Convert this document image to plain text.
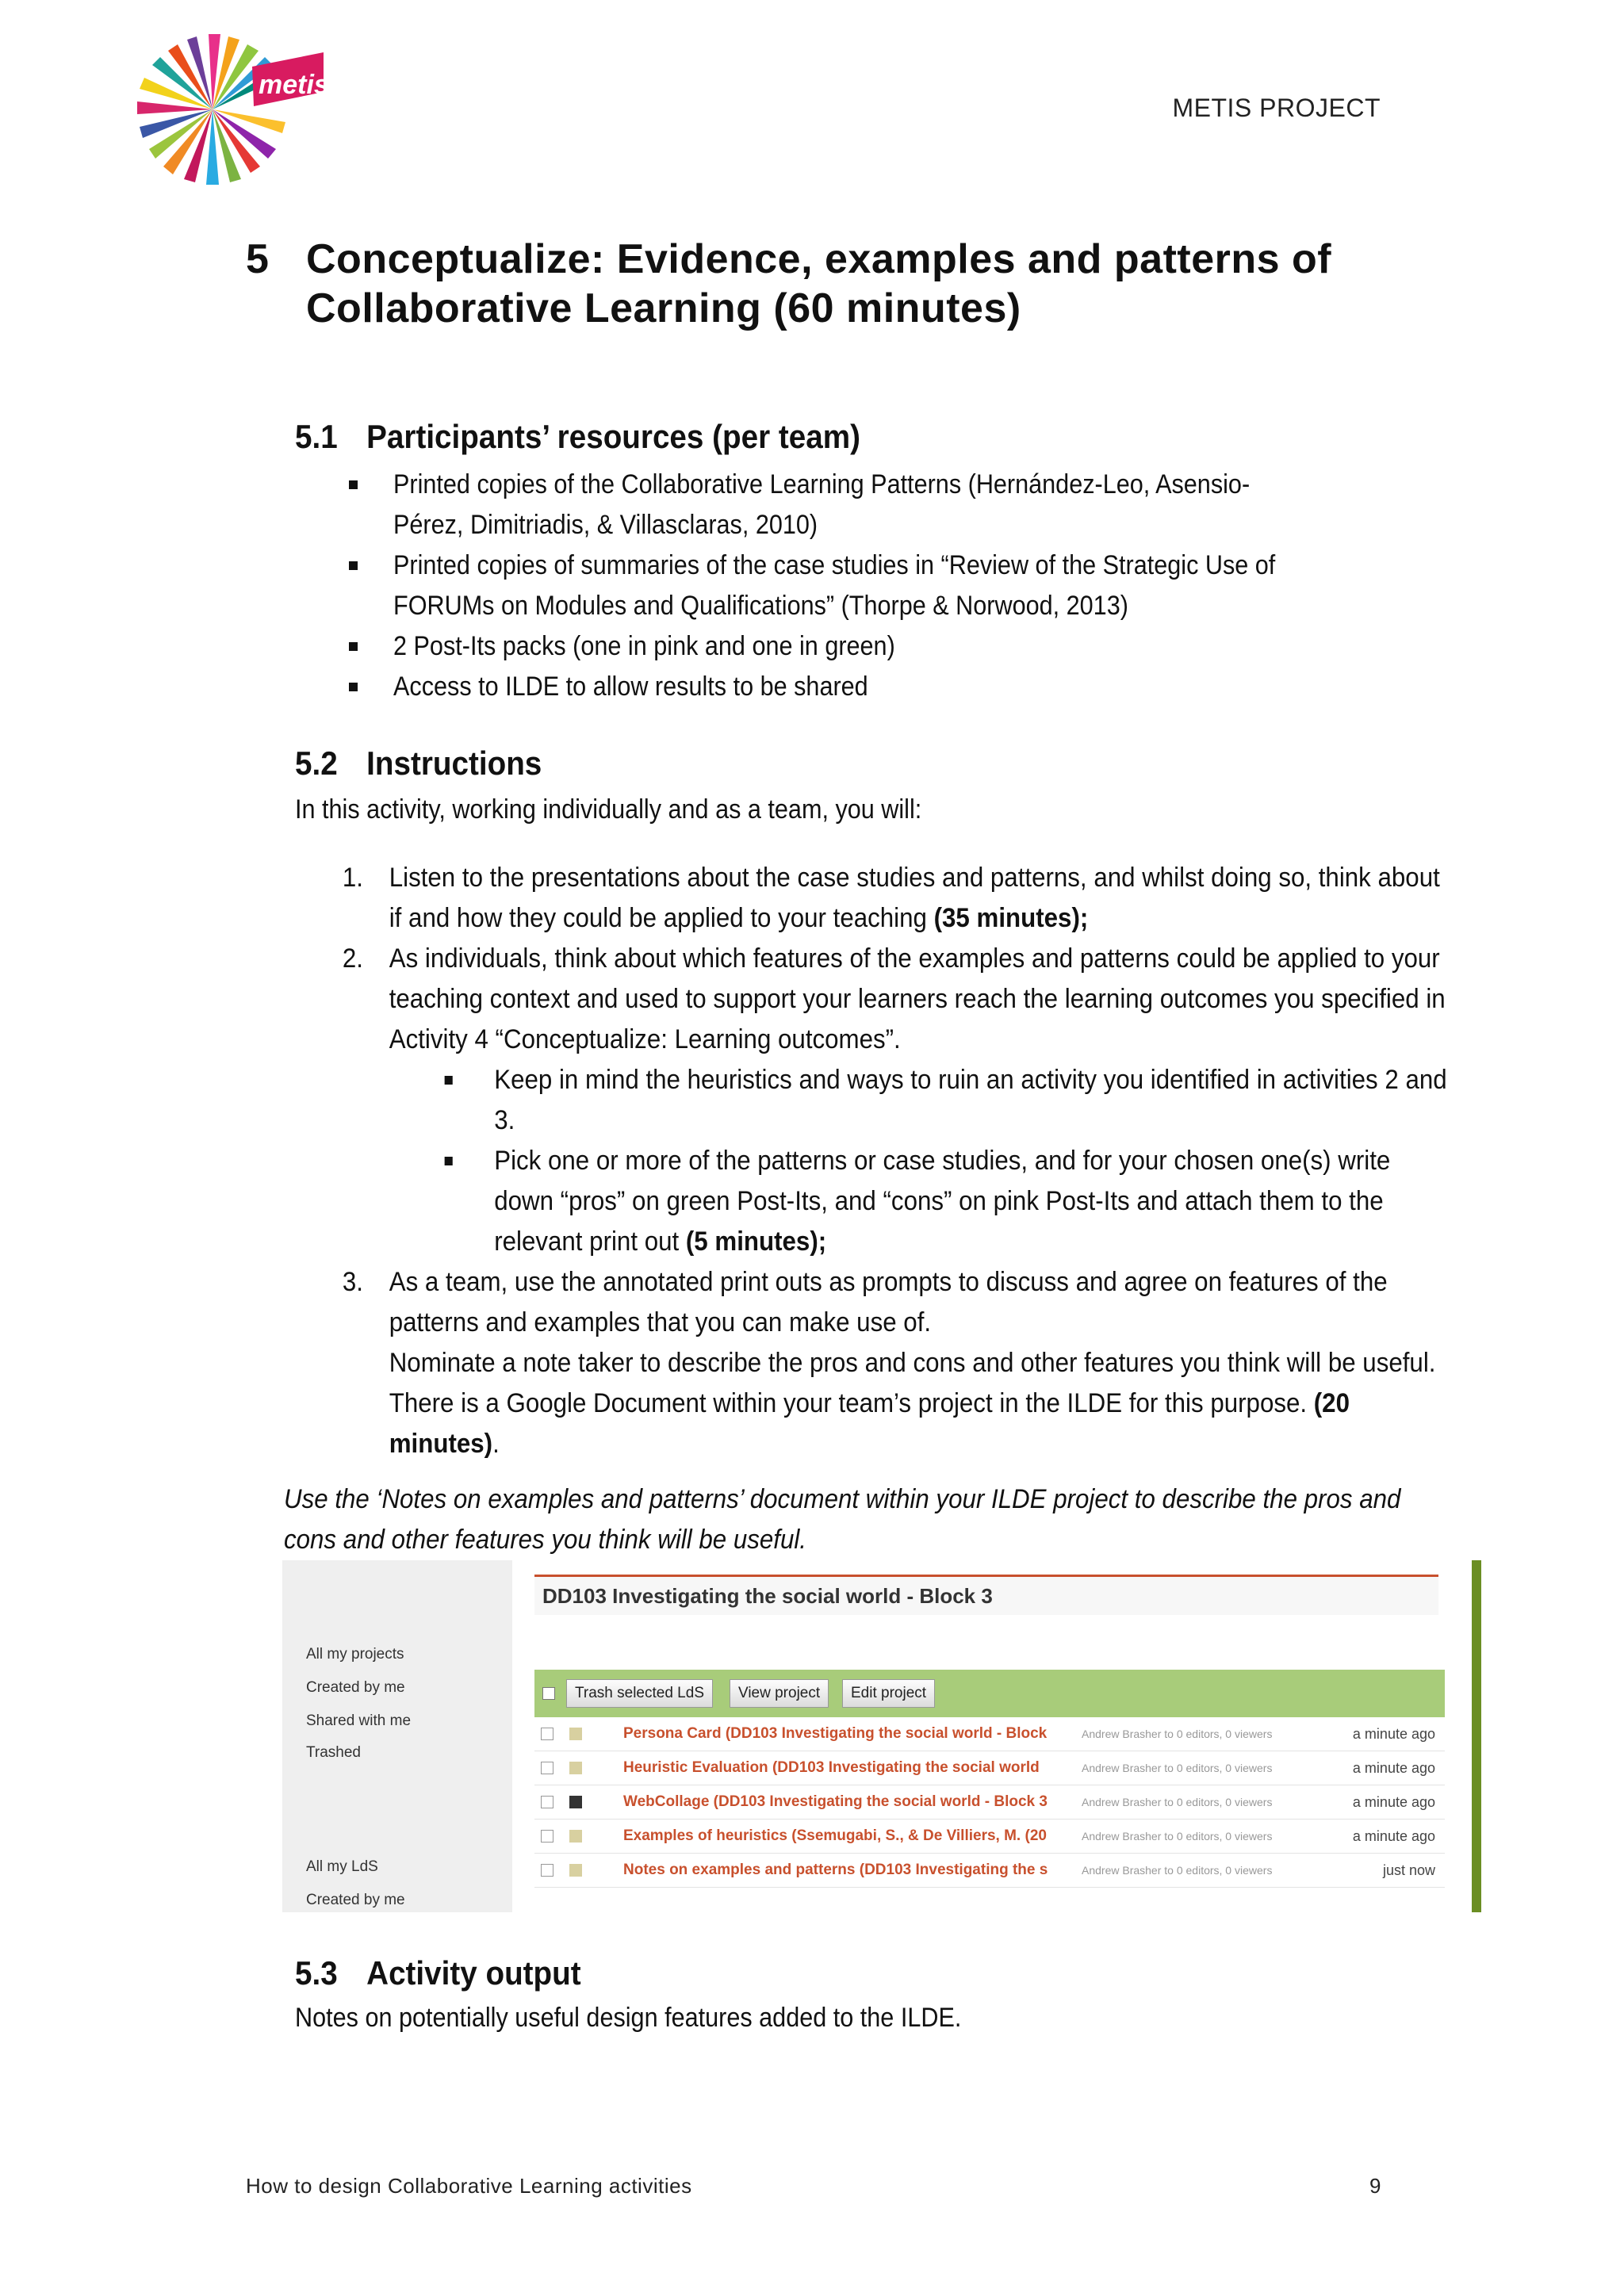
metis
METIS PROJECT
5 Conceptualize: Evidence, examples and patterns of Collaborative Learning (60 minutes)
5.1 Participants’ resources (per team)
Printed copies of the Collaborative Learning Patterns (Hernández-Leo, Asensio-Pérez, Dimitriadis, & Villasclaras, 2010)
Printed copies of summaries of the case studies in “Review of the Strategic Use of FORUMs on Modules and Qualifications” (Thorpe & Norwood, 2013)
2 Post-Its packs (one in pink and one in green)
Access to ILDE to allow results to be shared
5.2 Instructions
In this activity, working individually and as a team, you will:
1. Listen to the presentations about the case studies and patterns, and whilst doing so, think about if and how they could be applied to your teaching (35 minutes);
2. As individuals, think about which features of the examples and patterns could be applied to your teaching context and used to support your learners reach the learning outcomes you specified in Activity 4 “Conceptualize: Learning outcomes”.
Keep in mind the heuristics and ways to ruin an activity you identified in activities 2 and 3.
Pick one or more of the patterns or case studies, and for your chosen one(s) write down “pros” on green Post-Its, and “cons” on pink Post-Its and attach them to the relevant print out (5 minutes);
3. As a team, use the annotated print outs as prompts to discuss and agree on features of the patterns and examples that you can make use of.
Nominate a note taker to describe the pros and cons and other features you think will be useful. There is a Google Document within your team’s project in the ILDE for this purpose. (20 minutes).
Use the ‘Notes on examples and patterns’ document within your ILDE project to describe the pros and cons and other features you think will be useful.
All my projects
Created by me
Shared with me
Trashed
All my LdS
Created by me
DD103 Investigating the social world - Block 3
Trash selected LdS	View project	Edit project
Persona Card (DD103 Investigating the social world - Block	Andrew Brasher to 0 editors, 0 viewers	a minute ago
Heuristic Evaluation (DD103 Investigating the social world	Andrew Brasher to 0 editors, 0 viewers	a minute ago
WebCollage (DD103 Investigating the social world - Block 3	Andrew Brasher to 0 editors, 0 viewers	a minute ago
Examples of heuristics (Ssemugabi, S., & De Villiers, M. (20	Andrew Brasher to 0 editors, 0 viewers	a minute ago
Notes on examples and patterns (DD103 Investigating the s	Andrew Brasher to 0 editors, 0 viewers	just now
5.3 Activity output
Notes on potentially useful design features added to the ILDE.
How to design Collaborative Learning activities	9
